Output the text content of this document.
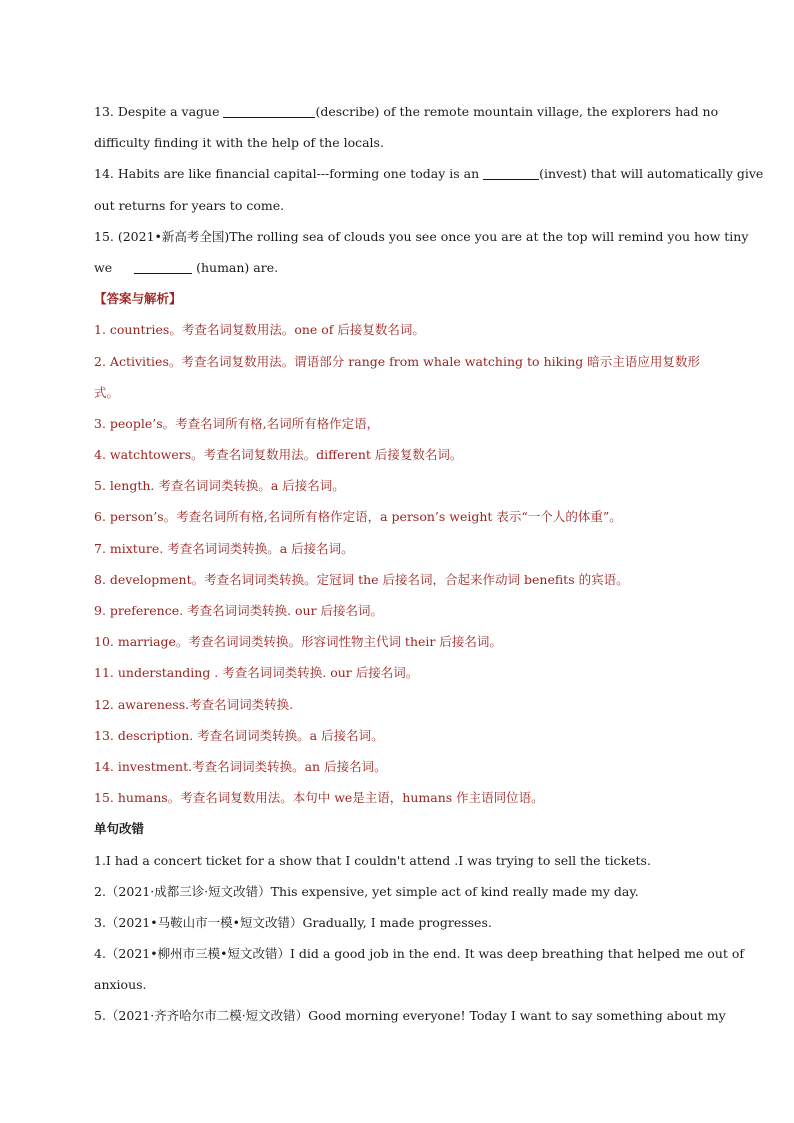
13. Despite a vague	(describe) of the remote mountain village, the explorers had no
difficulty finding it with the help of the locals.
14. Habits are like financial capital---forming one today is an	(invest) that will automatically give
out returns for years to come.
15. (2021•新高考全国)The rolling sea of clouds you see once you are at the top will remind you how tiny
we	(human) are.
【答案与解析】
1. countries。考查名词复数用法。one of 后接复数名词。
2. Activities。考查名词复数用法。谓语部分 range from whale watching to hiking 暗示主语应用复数形
式。
3. people’s。考查名词所有格,名词所有格作定语，
4. watchtowers。考查名词复数用法。different 后接复数名词。
5. length. 考查名词词类转换。a 后接名词。
6. person’s。考查名词所有格,名词所有格作定语，a person’s weight 表示“一个人的体重”。
7. mixture. 考查名词词类转换。a 后接名词。
8. development。考查名词词类转换。定冠词 the 后接名词，合起来作动词 benefits 的宾语。
9. preference. 考查名词词类转换. our 后接名词。
10. marriage。考查名词词类转换。形容词性物主代词 their 后接名词。
11. understanding . 考查名词词类转换. our 后接名词。
12. awareness.考查名词词类转换.
13. description. 考查名词词类转换。a 后接名词。
14. investment.考查名词词类转换。an 后接名词。
15. humans。考查名词复数用法。本句中 we是主语，humans 作主语同位语。
单句改错
1.I had a concert ticket for a show that I couldn't attend .I was trying to sell the tickets.
2.（2021·成都三诊·短文改错）This expensive, yet simple act of kind really made my day.
3.（2021•马鞍山市一模•短文改错）Gradually, I made progresses.
4.（2021•柳州市三模•短文改错）I did a good job in the end. It was deep breathing that helped me out of
anxious.
5.（2021·齐齐哈尔市二模·短文改错）Good morning everyone! Today I want to say something about my
